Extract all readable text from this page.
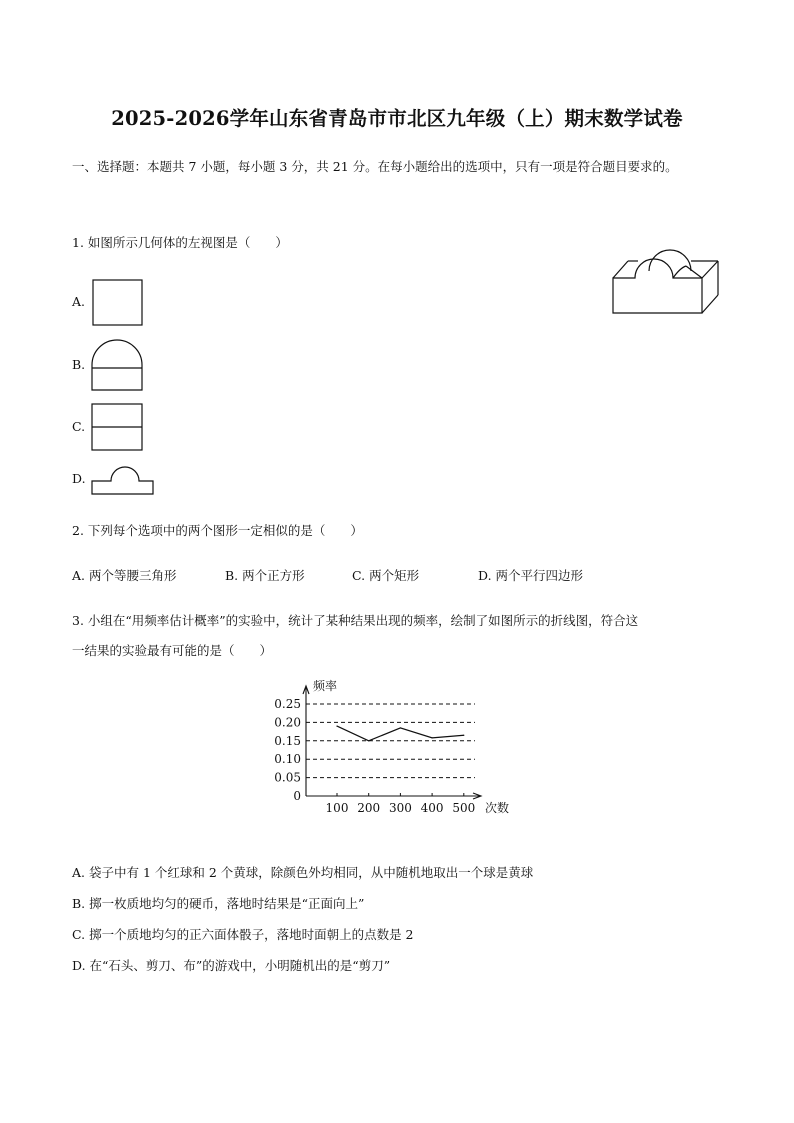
2025-2026学年山东省青岛市市北区九年级（上）期末数学试卷
一、选择题：本题共 7 小题，每小题 3 分，共 21 分。在每小题给出的选项中，只有一项是符合题目要求的。
1. 如图所示几何体的左视图是（　　）
A.
B.
C.
D.
2. 下列每个选项中的两个图形一定相似的是（　　）
A. 两个等腰三角形	B. 两个正方形	C. 两个矩形	D. 两个平行四边形
3. 小组在“用频率估计概率”的实验中，统计了某种结果出现的频率，绘制了如图所示的折线图，符合这
一结果的实验最有可能的是（　　）
0.25
0.20
0.15
0.10
0.05
0
100 200 300 400 500
频率
次数
A. 袋子中有 1 个红球和 2 个黄球，除颜色外均相同，从中随机地取出一个球是黄球
B. 掷一枚质地均匀的硬币，落地时结果是“正面向上”
C. 掷一个质地均匀的正六面体骰子，落地时面朝上的点数是 2
D. 在“石头、剪刀、布”的游戏中，小明随机出的是“剪刀”
